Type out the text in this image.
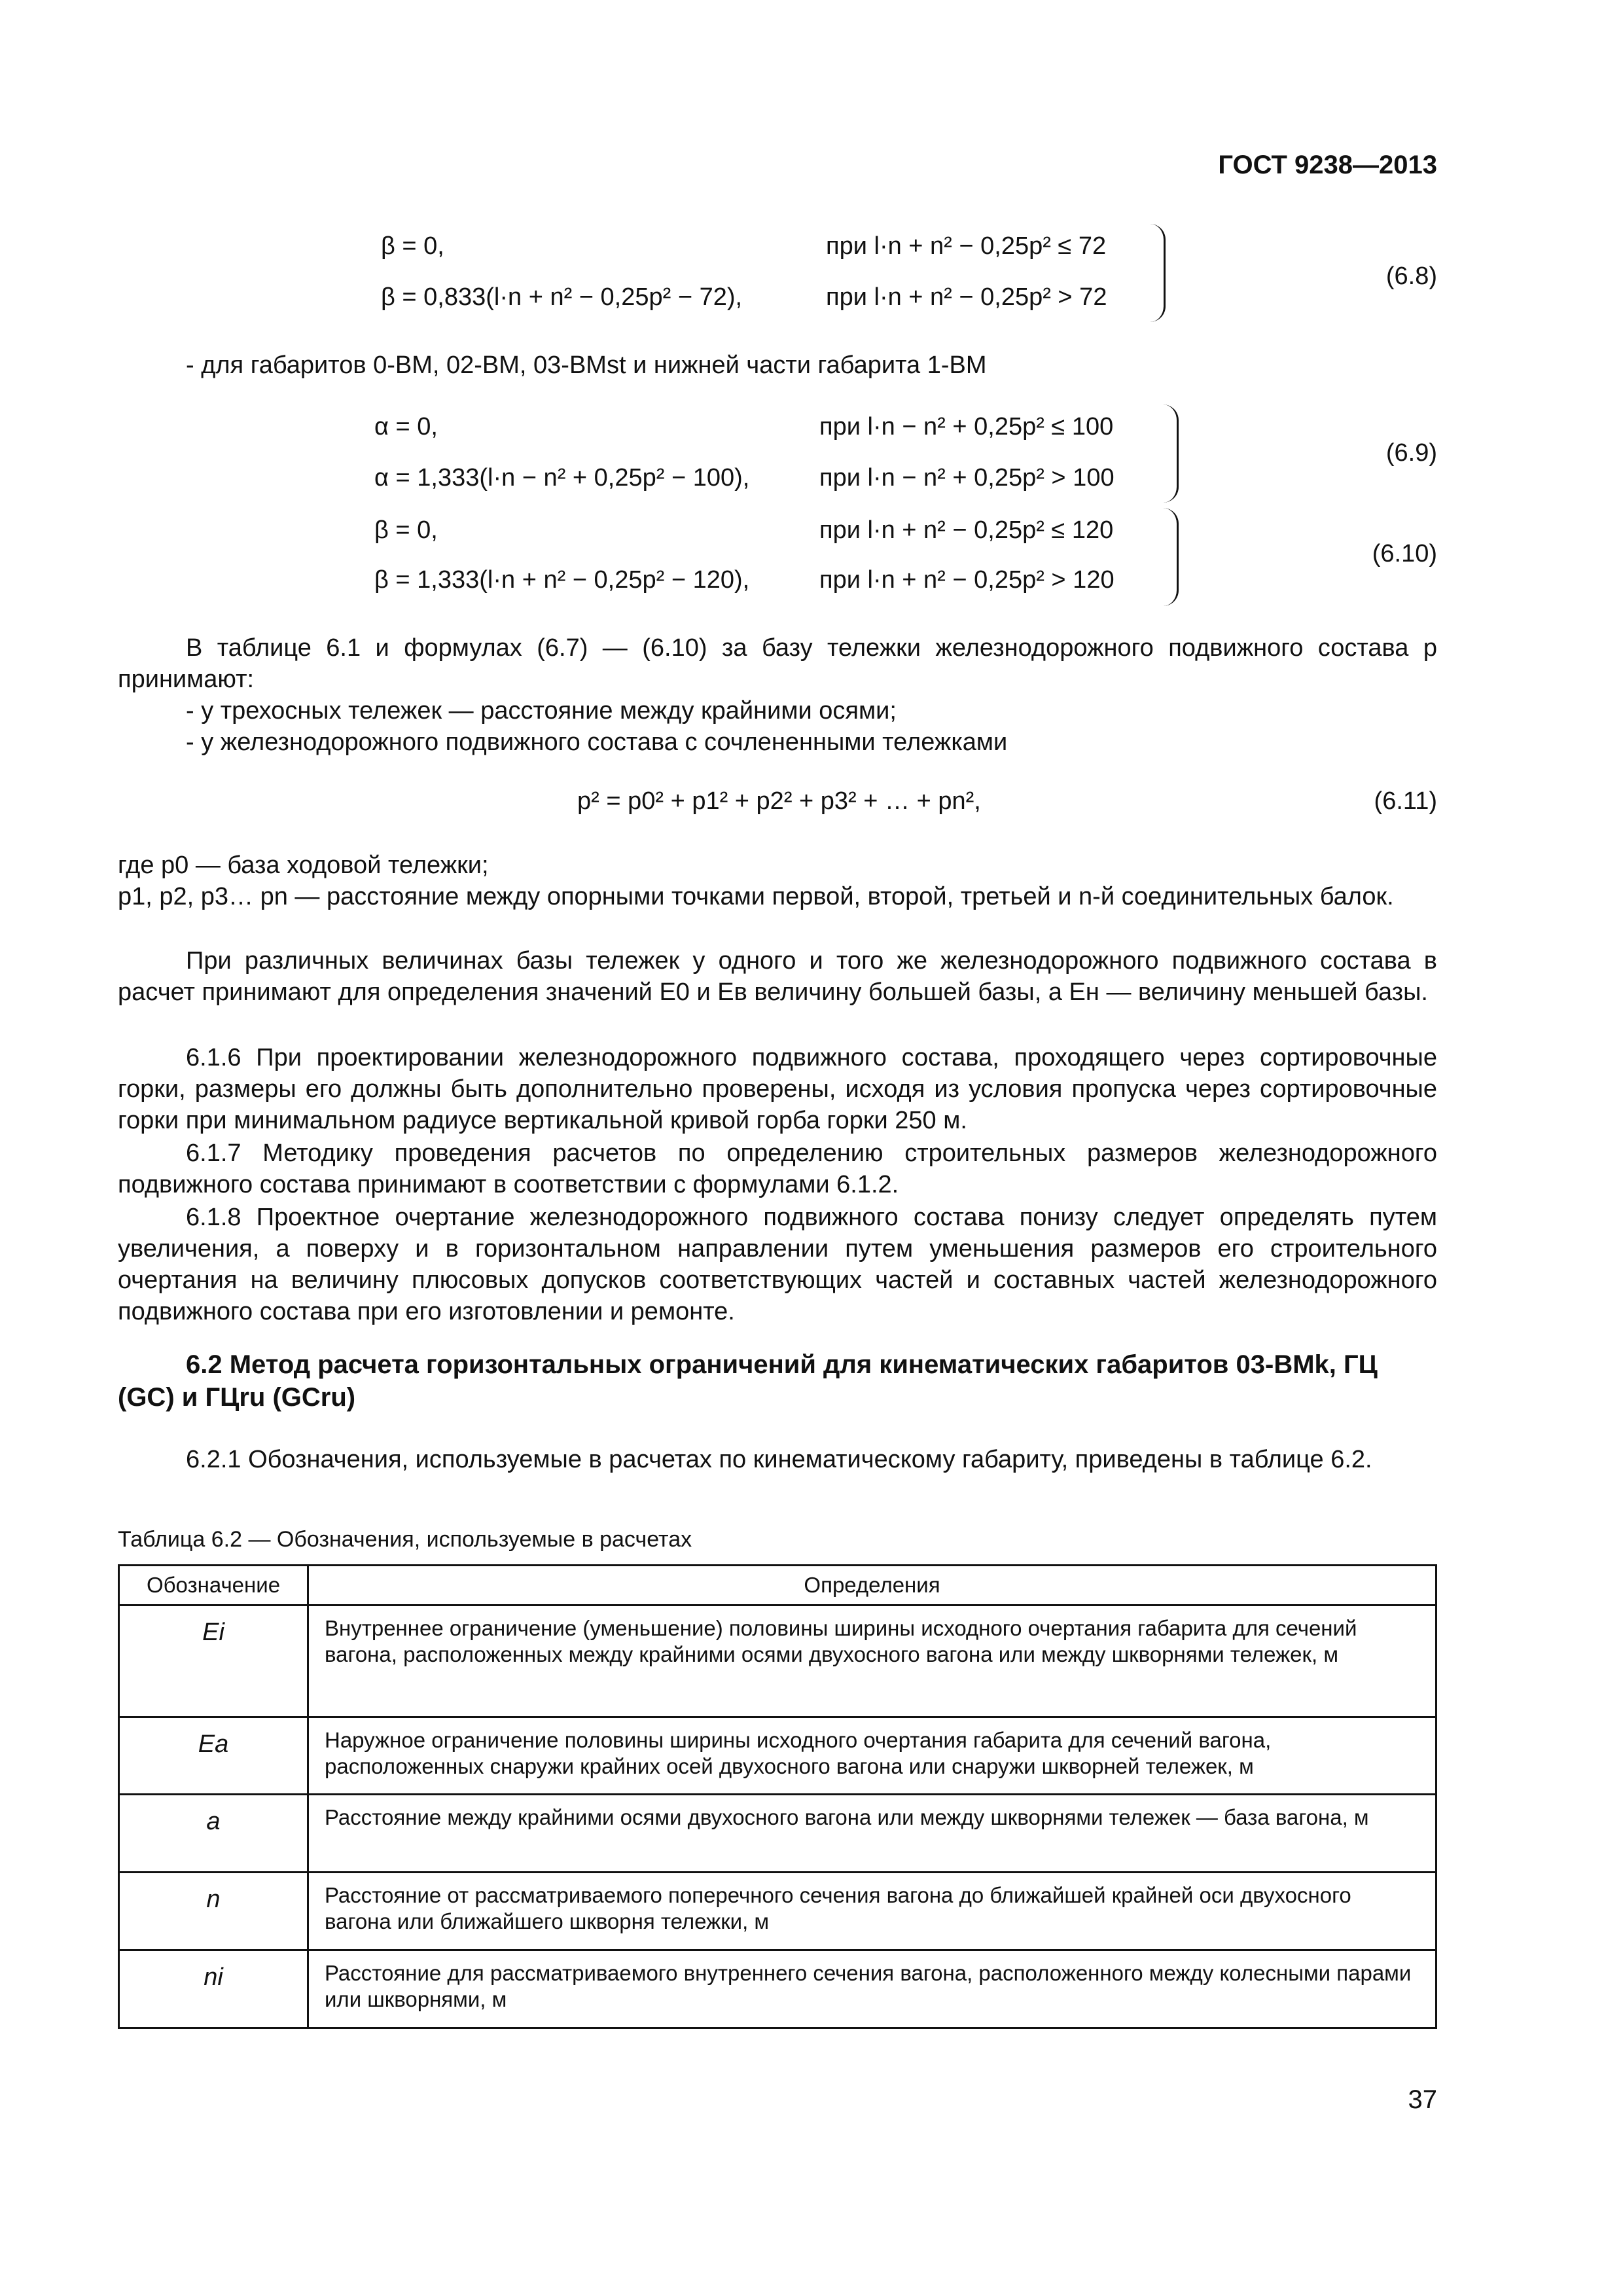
ГОСТ 9238—2013
β = 0,	при l·n + n² − 0,25p² ≤ 72
β = 0,833(l·n + n² − 0,25p² − 72),	при l·n + n² − 0,25p² > 72
(6.8)
- для габаритов 0-ВМ, 02-ВМ, 03-ВМst и нижней части габарита 1-ВМ
α = 0,	при l·n − n² + 0,25p² ≤ 100
α = 1,333(l·n − n² + 0,25p² − 100),	при l·n − n² + 0,25p² > 100
(6.9)
β = 0,	при l·n + n² − 0,25p² ≤ 120
β = 1,333(l·n + n² − 0,25p² − 120),	при l·n + n² − 0,25p² > 120
(6.10)
В таблице 6.1 и формулах (6.7) — (6.10) за базу тележки железнодорожного подвижного состава p принимают:
- у трехосных тележек — расстояние между крайними осями;
- у железнодорожного подвижного состава с сочлененными тележками
p² = p0² + p1² + p2² + p3² + … + pn²,	(6.11)
где p0 — база ходовой тележки;
p1, p2, p3… pn — расстояние между опорными точками первой, второй, третьей и n-й соединительных балок.
При различных величинах базы тележек у одного и того же железнодорожного подвижного состава в расчет принимают для определения значений E0 и Eв величину большей базы, а Eн — величину меньшей базы.
6.1.6 При проектировании железнодорожного подвижного состава, проходящего через сортировочные горки, размеры его должны быть дополнительно проверены, исходя из условия пропуска через сортировочные горки при минимальном радиусе вертикальной кривой горба горки 250 м.
6.1.7 Методику проведения расчетов по определению строительных размеров железнодорожного подвижного состава принимают в соответствии с формулами 6.1.2.
6.1.8 Проектное очертание железнодорожного подвижного состава понизу следует определять путем увеличения, а поверху и в горизонтальном направлении путем уменьшения размеров его строительного очертания на величину плюсовых допусков соответствующих частей и составных частей железнодорожного подвижного состава при его изготовлении и ремонте.
6.2 Метод расчета горизонтальных ограничений для кинематических габаритов 03-ВМk, ГЦ (GC) и ГЦru (GCru)
6.2.1 Обозначения, используемые в расчетах по кинематическому габариту, приведены в таблице 6.2.
Таблица 6.2 — Обозначения, используемые в расчетах
Обозначение	Определения
Ei	Внутреннее ограничение (уменьшение) половины ширины исходного очертания габарита для сечений вагона, расположенных между крайними осями двухосного вагона или между шкворнями тележек, м
Ea	Наружное ограничение половины ширины исходного очертания габарита для сечений вагона, расположенных снаружи крайних осей двухосного вагона или снаружи шкворней тележек, м
a	Расстояние между крайними осями двухосного вагона или между шкворнями тележек — база вагона, м
n	Расстояние от рассматриваемого поперечного сечения вагона до ближайшей крайней оси двухосного вагона или ближайшего шкворня тележки, м
ni	Расстояние для рассматриваемого внутреннего сечения вагона, расположенного между колесными парами или шкворнями, м
37
